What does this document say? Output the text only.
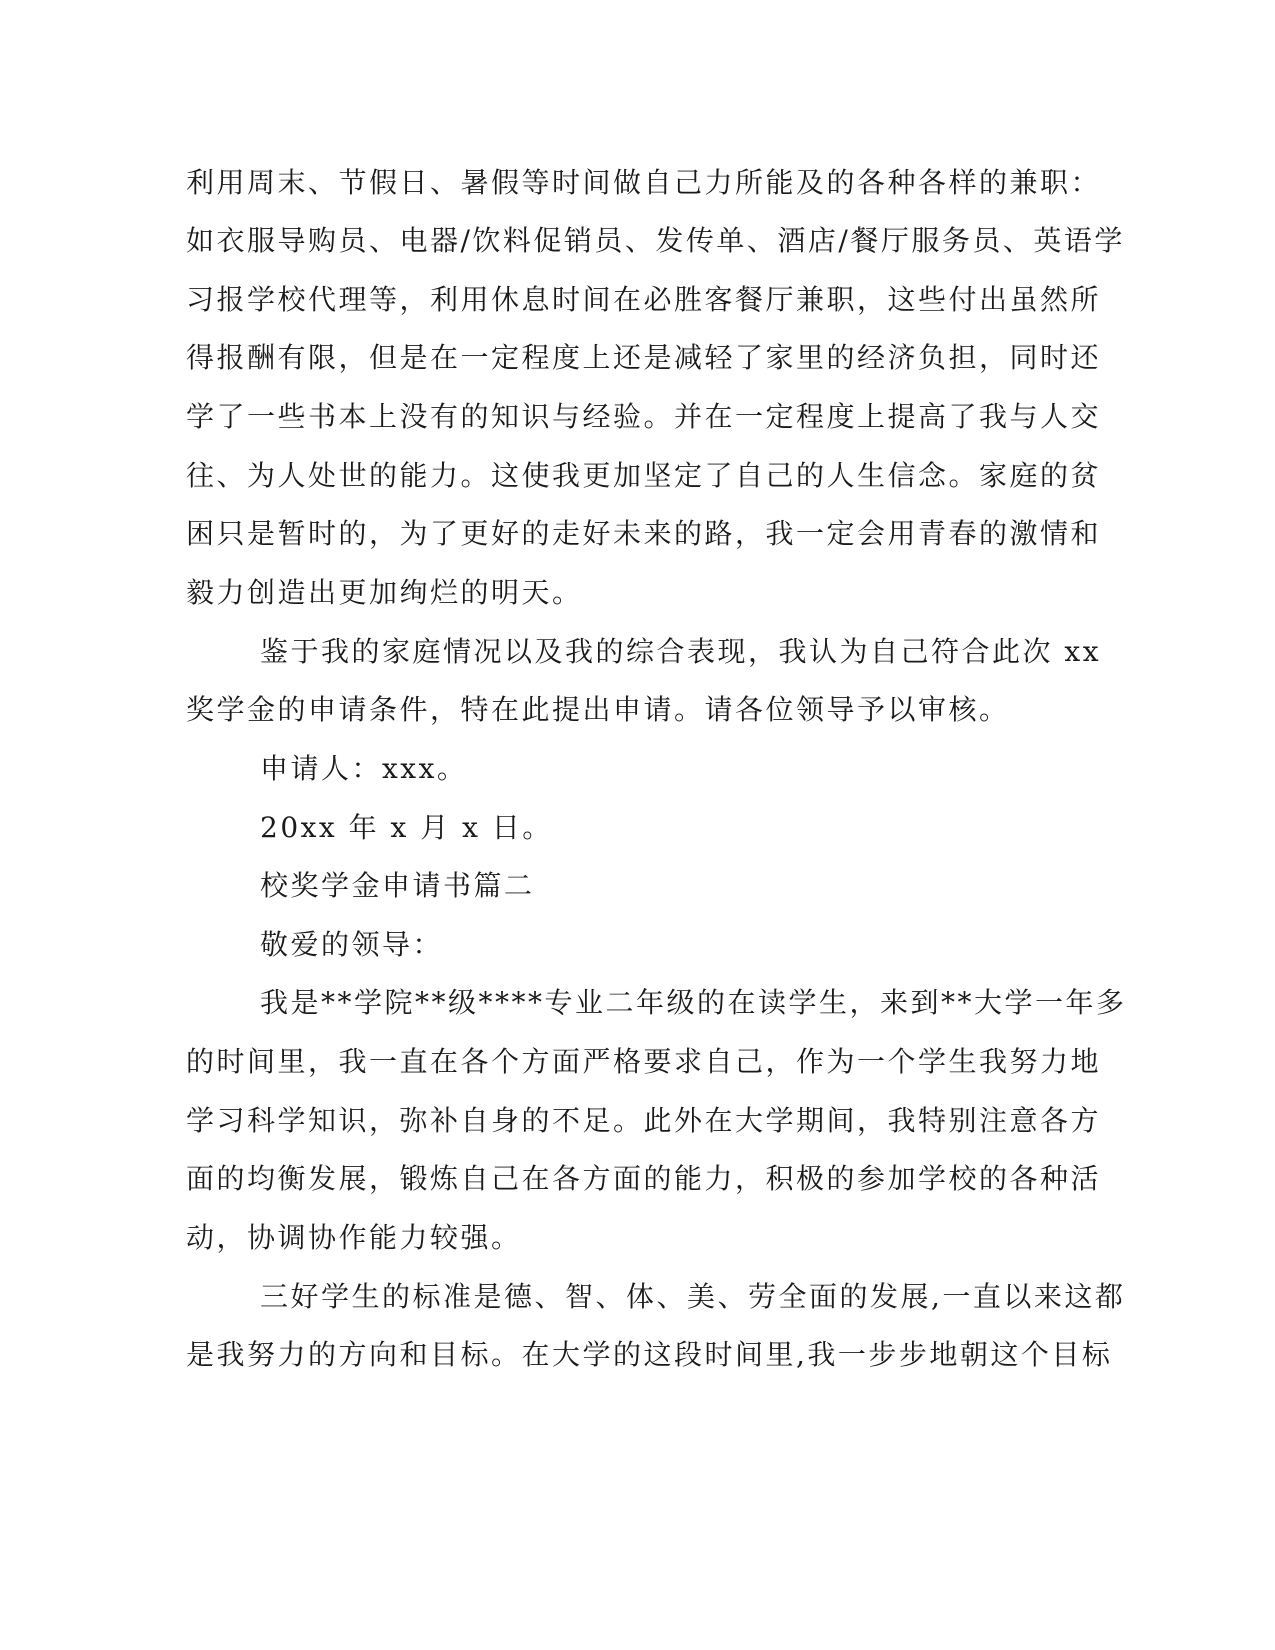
利用周末、节假日、暑假等时间做自己力所能及的各种各样的兼职：
如衣服导购员、电器/饮料促销员、发传单、酒店/餐厅服务员、英语学
习报学校代理等，利用休息时间在必胜客餐厅兼职，这些付出虽然所
得报酬有限，但是在一定程度上还是减轻了家里的经济负担，同时还
学了一些书本上没有的知识与经验。并在一定程度上提高了我与人交
往、为人处世的能力。这使我更加坚定了自己的人生信念。家庭的贫
困只是暂时的，为了更好的走好未来的路，我一定会用青春的激情和
毅力创造出更加绚烂的明天。
鉴于我的家庭情况以及我的综合表现，我认为自己符合此次 xx
奖学金的申请条件，特在此提出申请。请各位领导予以审核。
申请人：xxx。
20xx 年 x 月 x 日。
校奖学金申请书篇二
敬爱的领导：
我是**学院**级****专业二年级的在读学生，来到**大学一年多
的时间里，我一直在各个方面严格要求自己，作为一个学生我努力地
学习科学知识，弥补自身的不足。此外在大学期间，我特别注意各方
面的均衡发展，锻炼自己在各方面的能力，积极的参加学校的各种活
动，协调协作能力较强。
三好学生的标准是德、智、体、美、劳全面的发展,一直以来这都
是我努力的方向和目标。在大学的这段时间里,我一步步地朝这个目标
